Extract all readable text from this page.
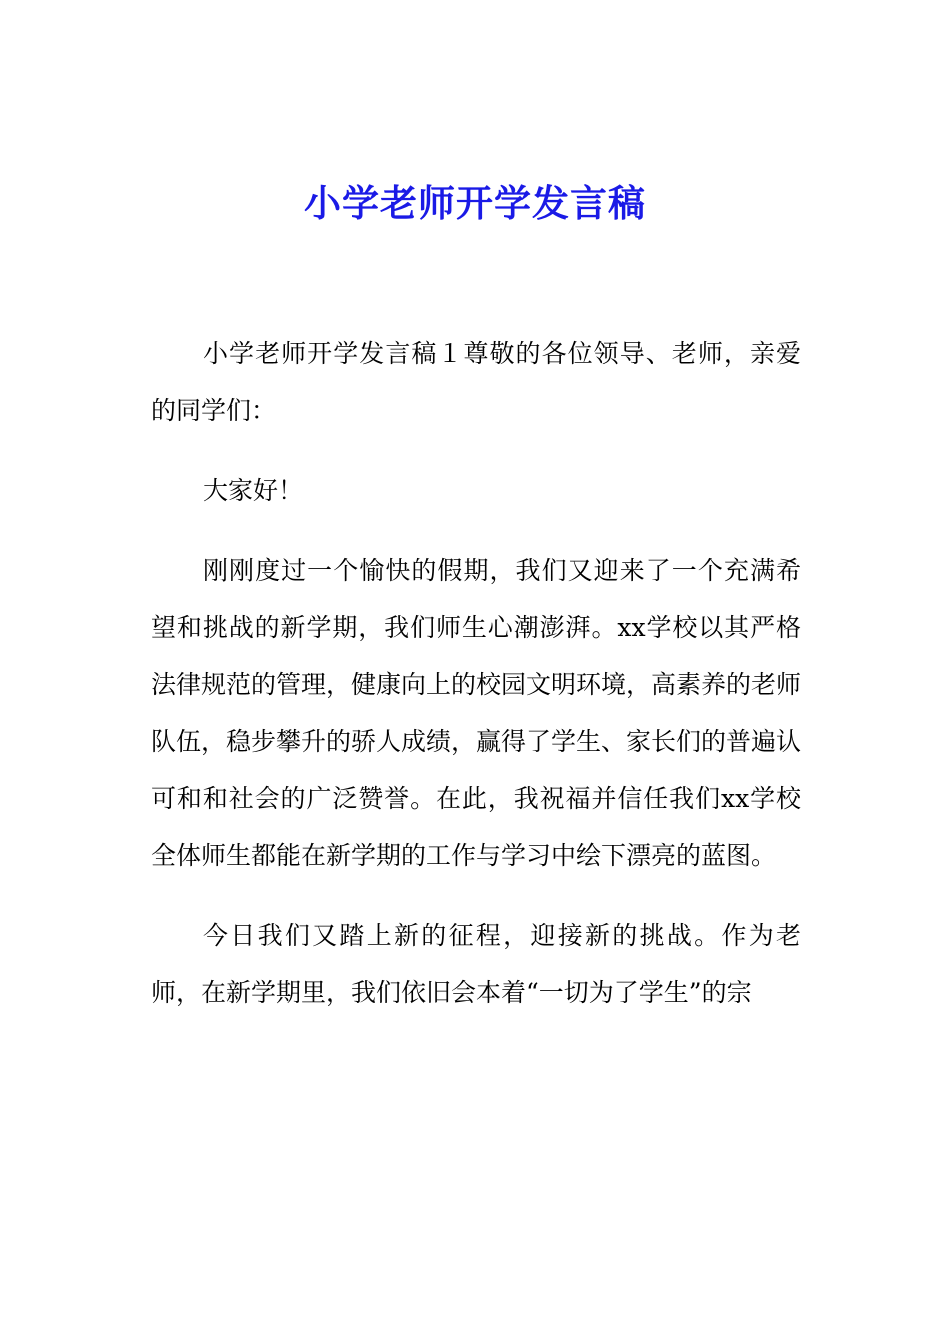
小学老师开学发言稿

小学老师开学发言稿１尊敬的各位领导、老师，亲爱的同学们：

大家好！

刚刚度过一个愉快的假期，我们又迎来了一个充满希望和挑战的新学期，我们师生心潮澎湃。xx学校以其严格法律规范的管理，健康向上的校园文明环境，高素养的老师队伍，稳步攀升的骄人成绩，赢得了学生、家长们的普遍认可和和社会的广泛赞誉。在此，我祝福并信任我们xx学校全体师生都能在新学期的工作与学习中绘下漂亮的蓝图。

今日我们又踏上新的征程，迎接新的挑战。作为老师，在新学期里，我们依旧会本着“一切为了学生”的宗
